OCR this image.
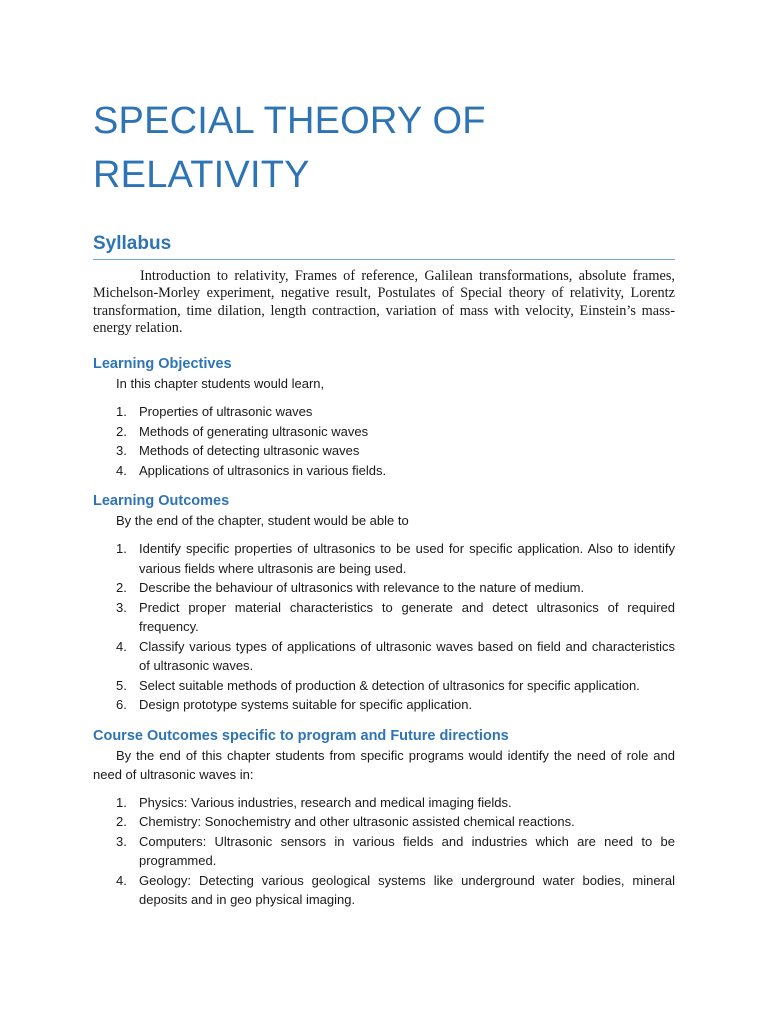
SPECIAL THEORY OF
RELATIVITY
Syllabus

Introduction to relativity, Frames of reference, Galilean transformations, absolute frames, Michelson-Morley experiment, negative result, Postulates of Special theory of relativity, Lorentz transformation, time dilation, length contraction, variation of mass with velocity, Einstein’s mass-energy relation.

Learning Objectives

In this chapter students would learn,

1. Properties of ultrasonic waves
2. Methods of generating ultrasonic waves
3. Methods of detecting ultrasonic waves
4. Applications of ultrasonics in various fields.
Learning Outcomes

By the end of the chapter, student would be able to

1. Identify specific properties of ultrasonics to be used for specific application. Also to identify various fields where ultrasonis are being used.
2. Describe the behaviour of ultrasonics with relevance to the nature of medium.
3. Predict proper material characteristics to generate and detect ultrasonics of required frequency.
4. Classify various types of applications of ultrasonic waves based on field and characteristics of ultrasonic waves.
5. Select suitable methods of production & detection of ultrasonics for specific application.
6. Design prototype systems suitable for specific application.
Course Outcomes specific to program and Future directions

By the end of this chapter students from specific programs would identify the need of role and need of ultrasonic waves in:

1. Physics: Various industries, research and medical imaging fields.
2. Chemistry: Sonochemistry and other ultrasonic assisted chemical reactions.
3. Computers: Ultrasonic sensors in various fields and industries which are need to be programmed.
4. Geology: Detecting various geological systems like underground water bodies, mineral deposits and in geo physical imaging.
